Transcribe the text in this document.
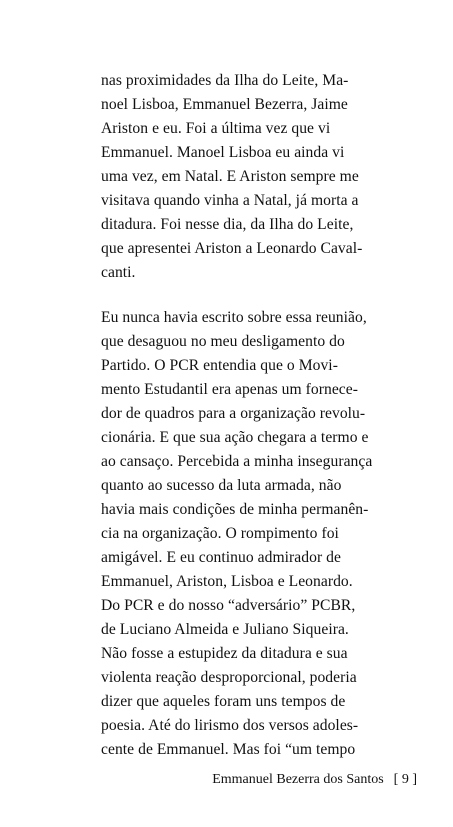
nas proximidades da Ilha do Leite, Ma-
noel Lisboa, Emmanuel Bezerra, Jaime
Ariston e eu. Foi a última vez que vi
Emmanuel. Manoel Lisboa eu ainda vi
uma vez, em Natal. E Ariston sempre me
visitava quando vinha a Natal, já morta a
ditadura. Foi nesse dia, da Ilha do Leite,
que apresentei Ariston a Leonardo Caval-
canti.
Eu nunca havia escrito sobre essa reunião,
que desaguou no meu desligamento do
Partido. O PCR entendia que o Movi-
mento Estudantil era apenas um fornece-
dor de quadros para a organização revolu-
cionária. E que sua ação chegara a termo e
ao cansaço. Percebida a minha insegurança
quanto ao sucesso da luta armada, não
havia mais condições de minha permanên-
cia na organização. O rompimento foi
amigável. E eu continuo admirador de
Emmanuel, Ariston, Lisboa e Leonardo.
Do PCR e do nosso “adversário” PCBR,
de Luciano Almeida e Juliano Siqueira.
Não fosse a estupidez da ditadura e sua
violenta reação desproporcional, poderia
dizer que aqueles foram uns tempos de
poesia. Até do lirismo dos versos adoles-
cente de Emmanuel. Mas foi “um tempo
Emmanuel Bezerra dos Santos [ 9 ]
